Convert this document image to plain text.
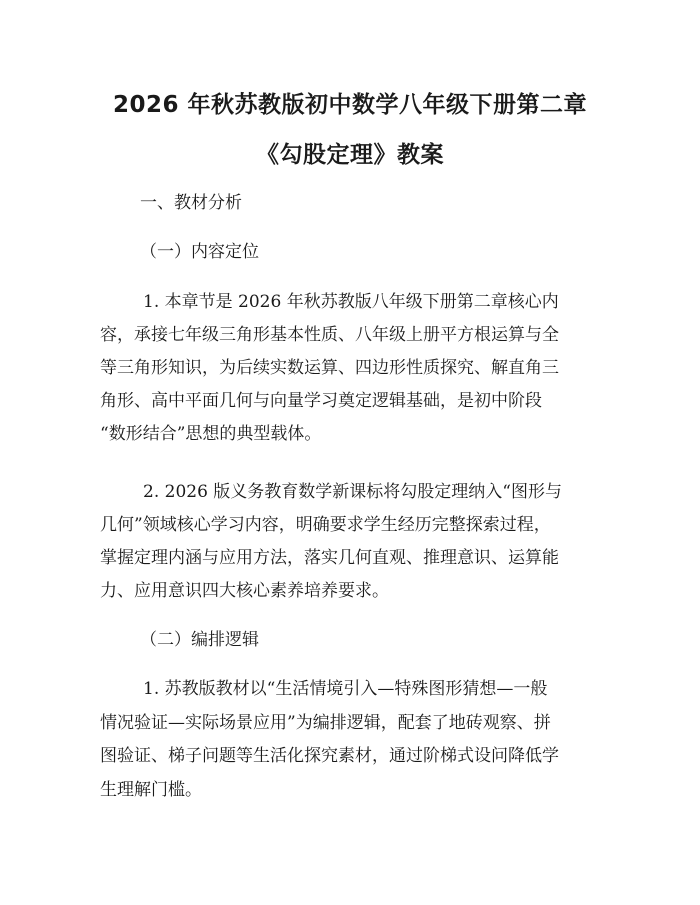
2026 年秋苏教版初中数学八年级下册第二章
《勾股定理》教案
一、教材分析
（一）内容定位
1. 本章节是 2026 年秋苏教版八年级下册第二章核心内
容，承接七年级三角形基本性质、八年级上册平方根运算与全
等三角形知识，为后续实数运算、四边形性质探究、解直角三
角形、高中平面几何与向量学习奠定逻辑基础，是初中阶段
“数形结合”思想的典型载体。
2. 2026 版义务教育数学新课标将勾股定理纳入“图形与
几何”领域核心学习内容，明确要求学生经历完整探索过程，
掌握定理内涵与应用方法，落实几何直观、推理意识、运算能
力、应用意识四大核心素养培养要求。
（二）编排逻辑
1. 苏教版教材以“生活情境引入—特殊图形猜想—一般
情况验证—实际场景应用”为编排逻辑，配套了地砖观察、拼
图验证、梯子问题等生活化探究素材，通过阶梯式设问降低学
生理解门槛。
